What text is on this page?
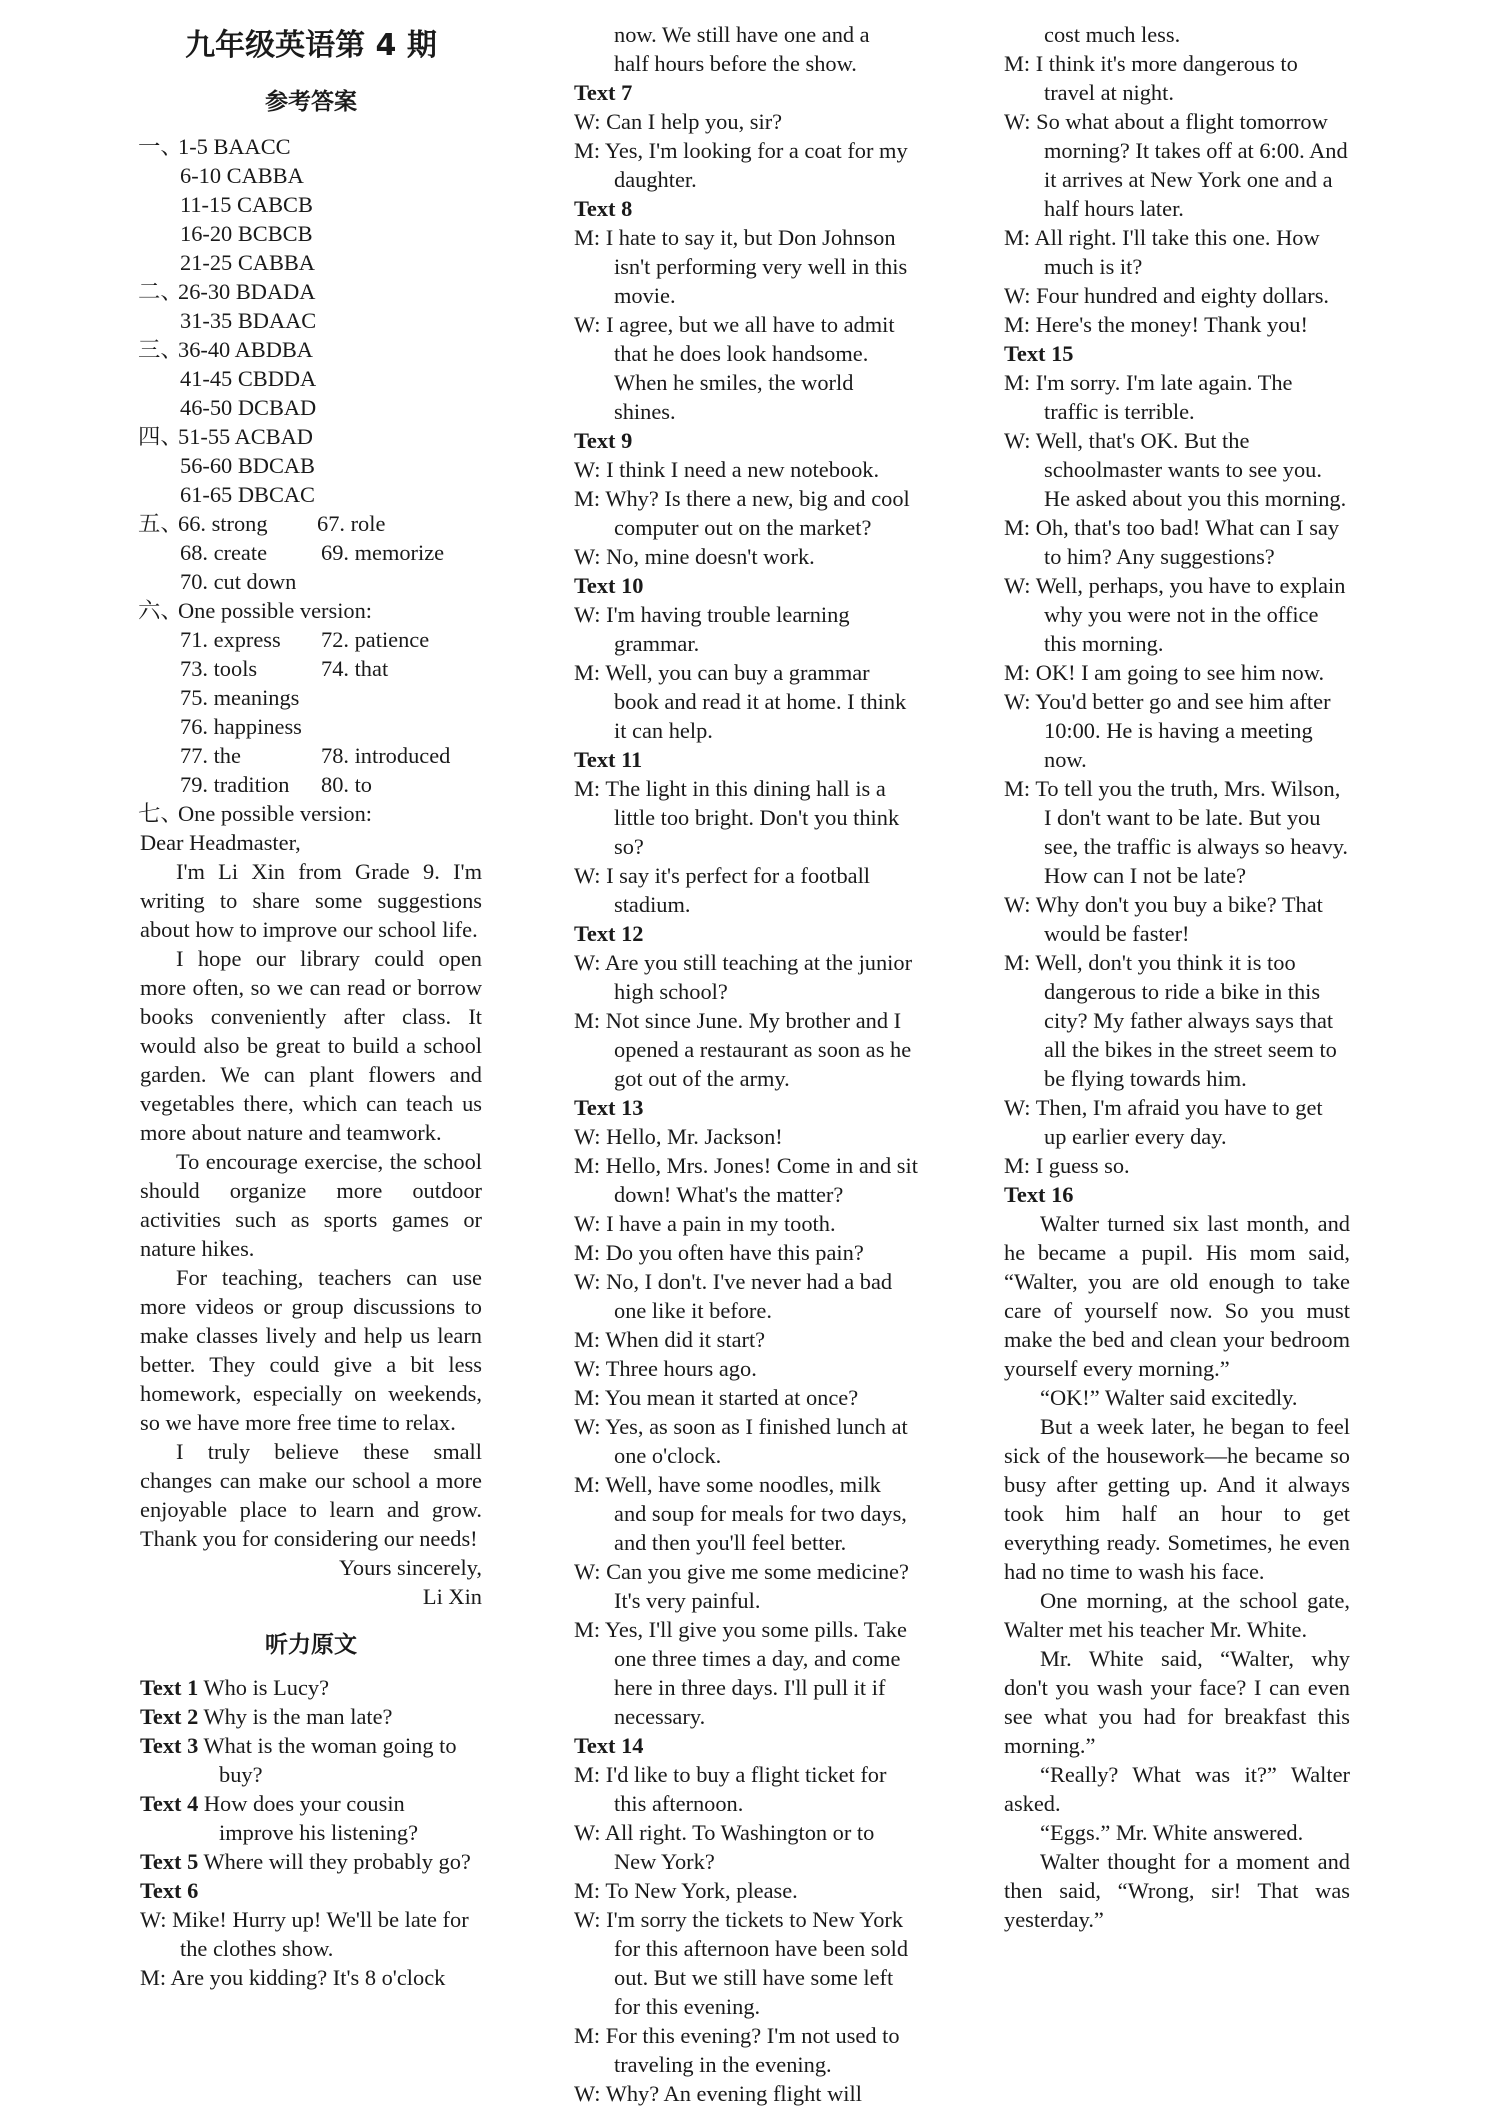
九年级英语第 4 期
参考答案
一、1-5 BAACC
6-10 CABBA
11-15 CABCB
16-20 BCBCB
21-25 CABBA
二、26-30 BDADA
31-35 BDAAC
三、36-40 ABDBA
41-45 CBDDA
46-50 DCBAD
四、51-55 ACBAD
56-60 BDCAB
61-65 DBCAC
五、66. strong 67. role
68. create 69. memorize
70. cut down
六、One possible version:
71. express 72. patience
73. tools	74. that
75. meanings
76. happiness
77. the	78. introduced
79. tradition 80. to
七、One possible version:
Dear Headmaster,
I'm Li Xin from Grade 9. I'm writing to share some suggestions about how to improve our school life.
I hope our library could open more often, so we can read or borrow books conveniently after class. It would also be great to build a school garden. We can plant flowers and vegetables there, which can teach us more about nature and teamwork.
To encourage exercise, the school should organize more outdoor activities such as sports games or nature hikes.
For teaching, teachers can use more videos or group discussions to make classes lively and help us learn better. They could give a bit less homework, especially on weekends, so we have more free time to relax.
I truly believe these small changes can make our school a more enjoyable place to learn and grow. Thank you for considering our needs!
Yours sincerely,
Li Xin
听力原文
Text 1 Who is Lucy?
Text 2 Why is the man late?
Text 3 What is the woman going to buy?
Text 4 How does your cousin improve his listening?
Text 5 Where will they probably go?
Text 6
W: Mike! Hurry up! We'll be late for the clothes show.
M: Are you kidding? It's 8 o'clock
now. We still have one and a
half hours before the show.
Text 7
W: Can I help you, sir?
M: Yes, I'm looking for a coat for my daughter.
Text 8
M: I hate to say it, but Don Johnson isn't performing very well in this movie.
W: I agree, but we all have to admit that he does look handsome. When he smiles, the world shines.
Text 9
W: I think I need a new notebook.
M: Why? Is there a new, big and cool computer out on the market?
W: No, mine doesn't work.
Text 10
W: I'm having trouble learning grammar.
M: Well, you can buy a grammar book and read it at home. I think it can help.
Text 11
M: The light in this dining hall is a little too bright. Don't you think so?
W: I say it's perfect for a football stadium.
Text 12
W: Are you still teaching at the junior high school?
M: Not since June. My brother and I opened a restaurant as soon as he got out of the army.
Text 13
W: Hello, Mr. Jackson!
M: Hello, Mrs. Jones! Come in and sit down! What's the matter?
W: I have a pain in my tooth.
M: Do you often have this pain?
W: No, I don't. I've never had a bad one like it before.
M: When did it start?
W: Three hours ago.
M: You mean it started at once?
W: Yes, as soon as I finished lunch at one o'clock.
M: Well, have some noodles, milk and soup for meals for two days, and then you'll feel better.
W: Can you give me some medicine? It's very painful.
M: Yes, I'll give you some pills. Take one three times a day, and come here in three days. I'll pull it if necessary.
Text 14
M: I'd like to buy a flight ticket for this afternoon.
W: All right. To Washington or to New York?
M: To New York, please.
W: I'm sorry the tickets to New York for this afternoon have been sold out. But we still have some left for this evening.
M: For this evening? I'm not used to traveling in the evening.
W: Why? An evening flight will
cost much less.
M: I think it's more dangerous to travel at night.
W: So what about a flight tomorrow morning? It takes off at 6:00. And it arrives at New York one and a half hours later.
M: All right. I'll take this one. How much is it?
W: Four hundred and eighty dollars.
M: Here's the money! Thank you!
Text 15
M: I'm sorry. I'm late again. The traffic is terrible.
W: Well, that's OK. But the schoolmaster wants to see you. He asked about you this morning.
M: Oh, that's too bad! What can I say to him? Any suggestions?
W: Well, perhaps, you have to explain why you were not in the office this morning.
M: OK! I am going to see him now.
W: You'd better go and see him after 10:00. He is having a meeting now.
M: To tell you the truth, Mrs. Wilson, I don't want to be late. But you see, the traffic is always so heavy. How can I not be late?
W: Why don't you buy a bike? That would be faster!
M: Well, don't you think it is too dangerous to ride a bike in this city? My father always says that all the bikes in the street seem to be flying towards him.
W: Then, I'm afraid you have to get up earlier every day.
M: I guess so.
Text 16
Walter turned six last month, and he became a pupil. His mom said, “Walter, you are old enough to take care of yourself now. So you must make the bed and clean your bedroom yourself every morning.”
“OK!” Walter said excitedly.
But a week later, he began to feel sick of the housework—he became so busy after getting up. And it always took him half an hour to get everything ready. Sometimes, he even had no time to wash his face.
One morning, at the school gate, Walter met his teacher Mr. White.
Mr. White said, “Walter, why don't you wash your face? I can even see what you had for breakfast this morning.”
“Really? What was it?” Walter asked.
“Eggs.” Mr. White answered.
Walter thought for a moment and then said, “Wrong, sir! That was yesterday.”
